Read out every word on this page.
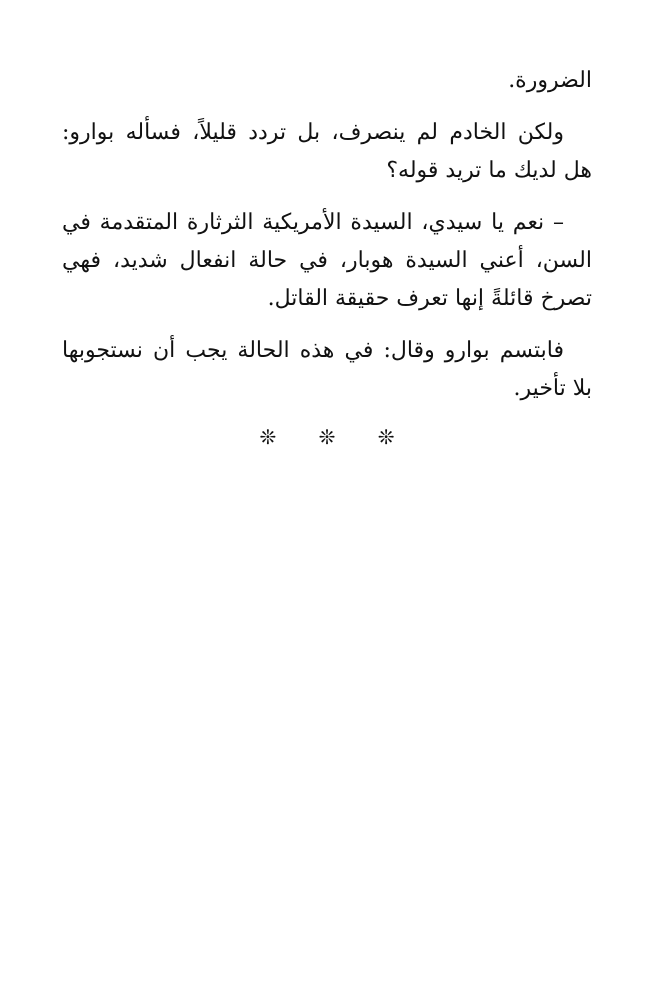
الضرورة.

ولكن الخادم لم ينصرف، بل تردد قليلاً، فسأله بوارو: هل لديك ما تريد قوله؟

– نعم يا سيدي، السيدة الأمريكية الثرثارة المتقدمة في السن، أعني السيدة هوبار، في حالة انفعال شديد، فهي تصرخ قائلةً إنها تعرف حقيقة القاتل.

فابتسم بوارو وقال: في هذه الحالة يجب أن نستجوبها بلا تأخير.

❊ ❊ ❊
